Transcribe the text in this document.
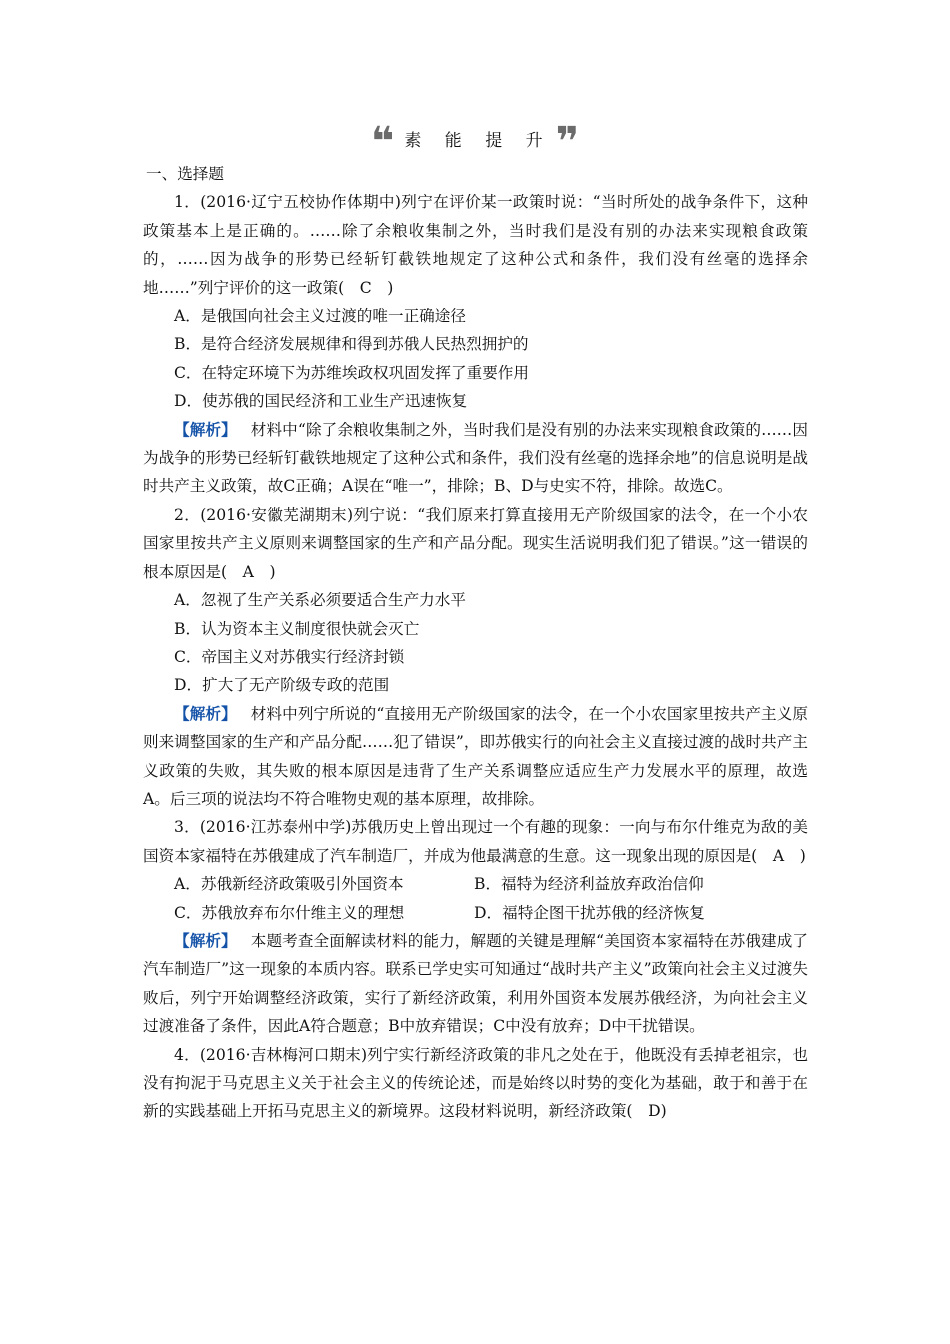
❝ 素 能 提 升 ❞

一、选择题

1．(2016·辽宁五校协作体期中)列宁在评价某一政策时说：“当时所处的战争条件下，这种政策基本上是正确的。……除了余粮收集制之外，当时我们是没有别的办法来实现粮食政策的，……因为战争的形势已经斩钉截铁地规定了这种公式和条件，我们没有丝毫的选择余地……”列宁评价的这一政策(　C　)

A．是俄国向社会主义过渡的唯一正确途径

B．是符合经济发展规律和得到苏俄人民热烈拥护的

C．在特定环境下为苏维埃政权巩固发挥了重要作用

D．使苏俄的国民经济和工业生产迅速恢复

【解析】 材料中“除了余粮收集制之外，当时我们是没有别的办法来实现粮食政策的……因为战争的形势已经斩钉截铁地规定了这种公式和条件，我们没有丝毫的选择余地”的信息说明是战时共产主义政策，故C正确；A误在“唯一”，排除；B、D与史实不符，排除。故选C。
2．(2016·安徽芜湖期末)列宁说：“我们原来打算直接用无产阶级国家的法令，在一个小农国家里按共产主义原则来调整国家的生产和产品分配。现实生活说明我们犯了错误。”这一错误的根本原因是(　A　)

A．忽视了生产关系必须要适合生产力水平

B．认为资本主义制度很快就会灭亡

C．帝国主义对苏俄实行经济封锁

D．扩大了无产阶级专政的范围

【解析】 材料中列宁所说的“直接用无产阶级国家的法令，在一个小农国家里按共产主义原则来调整国家的生产和产品分配……犯了错误”，即苏俄实行的向社会主义直接过渡的战时共产主义政策的失败，其失败的根本原因是违背了生产关系调整应适应生产力发展水平的原理，故选A。后三项的说法均不符合唯物史观的基本原理，故排除。
3．(2016·江苏泰州中学)苏俄历史上曾出现过一个有趣的现象：一向与布尔什维克为敌的美国资本家福特在苏俄建成了汽车制造厂，并成为他最满意的生意。这一现象出现的原因是(　A　)
A．苏俄新经济政策吸引外国资本	B．福特为经济利益放弃政治信仰
C．苏俄放弃布尔什维主义的理想	D．福特企图干扰苏俄的经济恢复
【解析】 本题考查全面解读材料的能力，解题的关键是理解“美国资本家福特在苏俄建成了汽车制造厂”这一现象的本质内容。联系已学史实可知通过“战时共产主义”政策向社会主义过渡失败后，列宁开始调整经济政策，实行了新经济政策，利用外国资本发展苏俄经济，为向社会主义过渡准备了条件，因此A符合题意；B中放弃错误；C中没有放弃；D中干扰错误。
4．(2016·吉林梅河口期末)列宁实行新经济政策的非凡之处在于，他既没有丢掉老祖宗，也没有拘泥于马克思主义关于社会主义的传统论述，而是始终以时势的变化为基础，敢于和善于在新的实践基础上开拓马克思主义的新境界。这段材料说明，新经济政策(　D)
